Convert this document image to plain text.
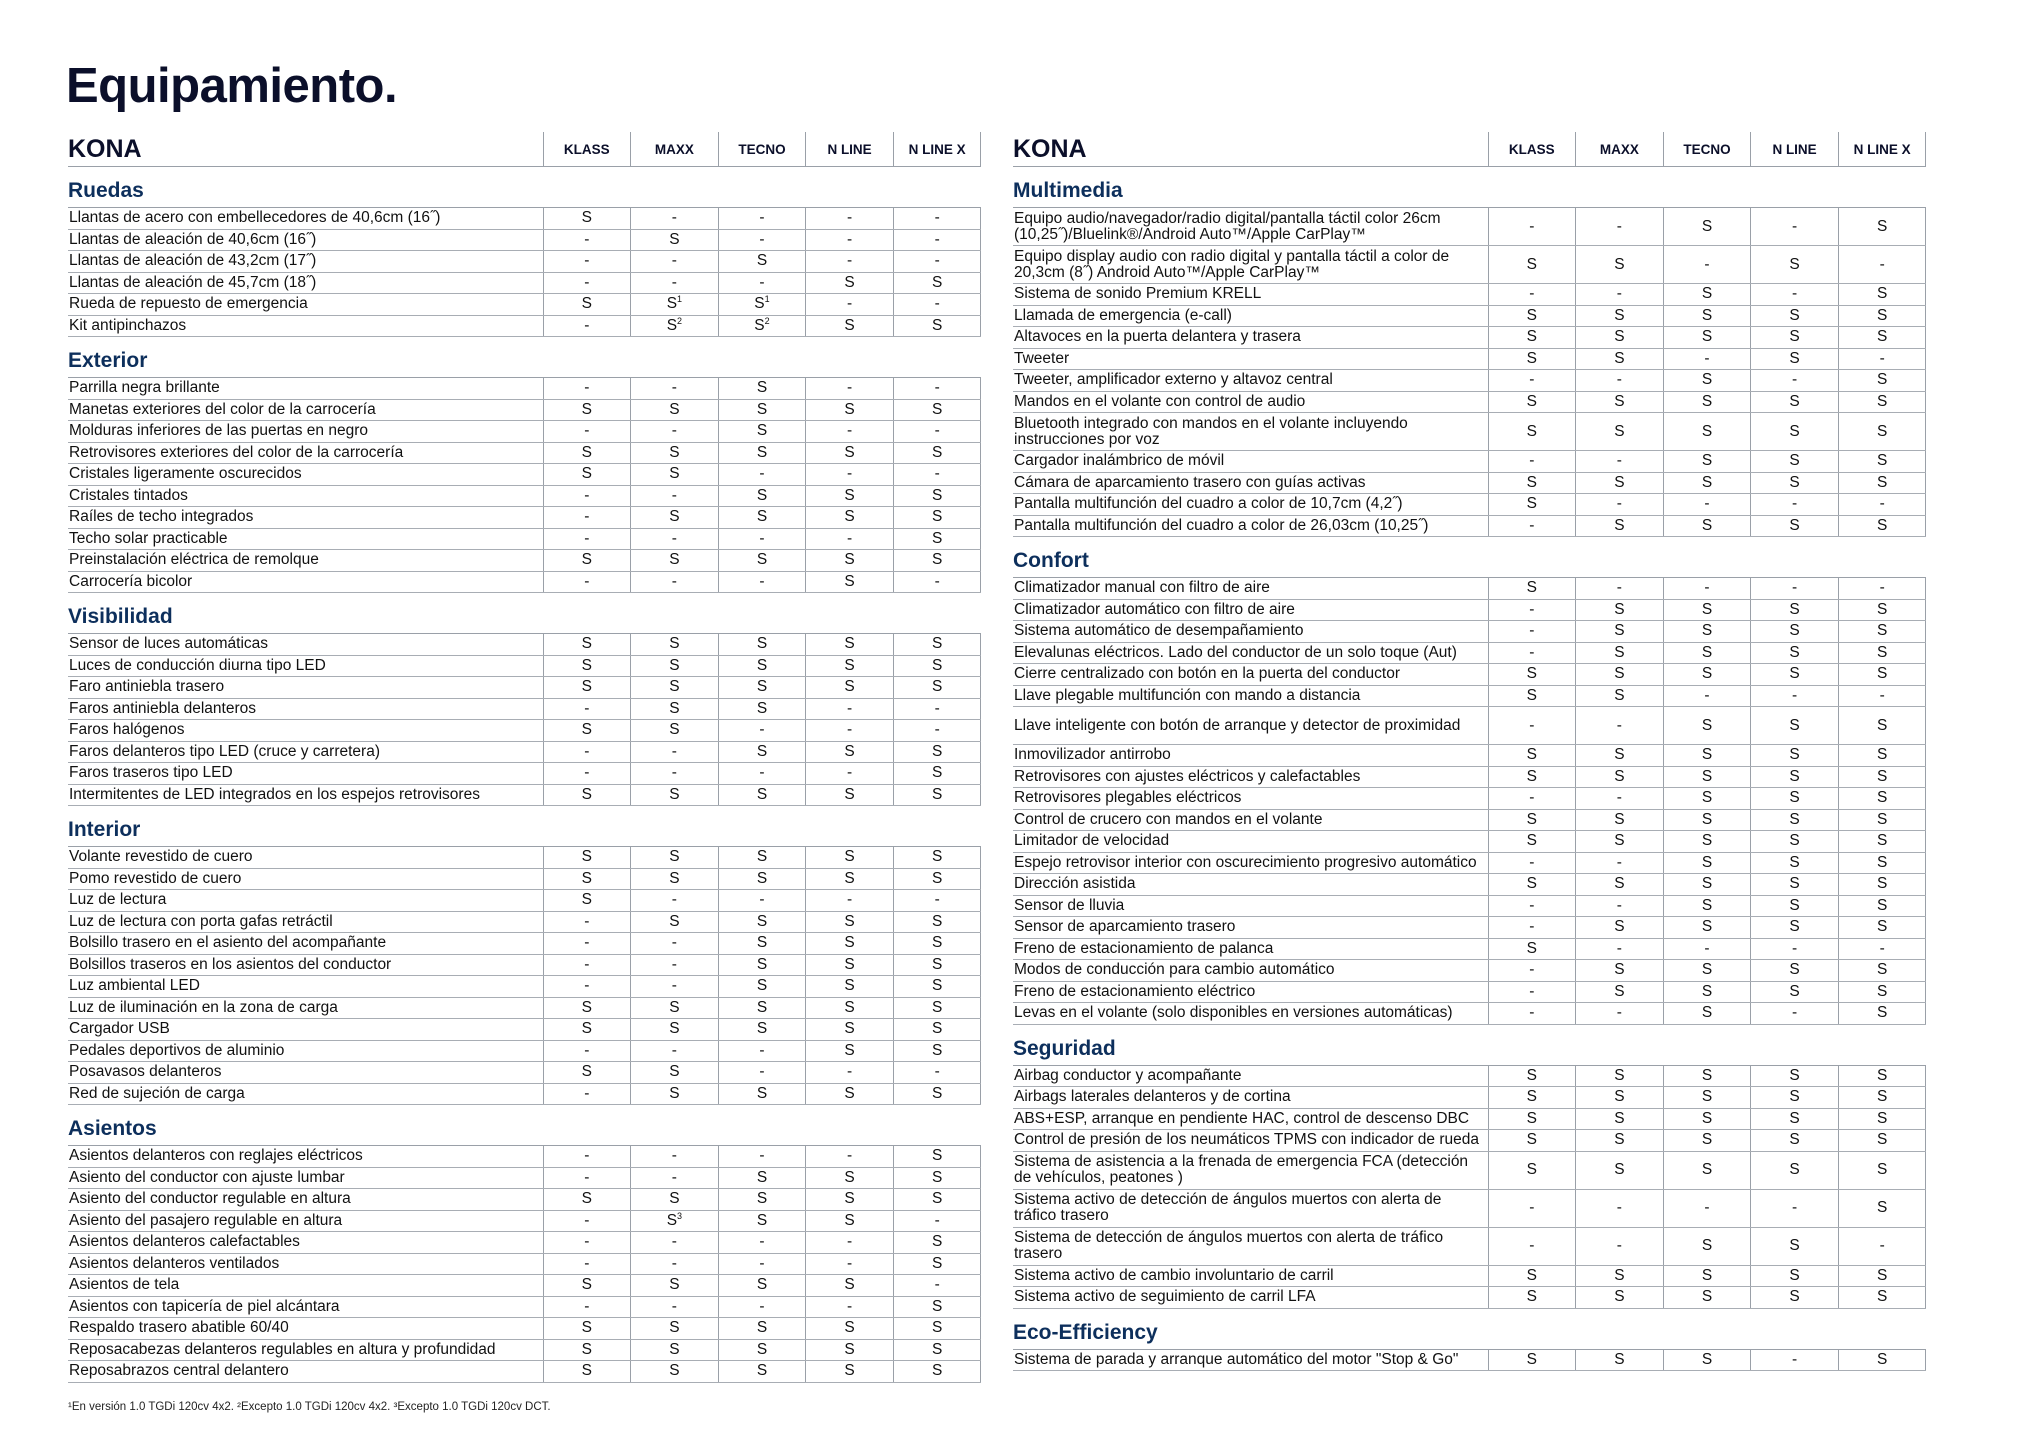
Equipamiento.
KONA	KLASS	MAXX	TECNO	N LINE	N LINE X
Ruedas					
Llantas de acero con embellecedores de 40,6cm (16˝)	S	-	-	-	-
Llantas de aleación de 40,6cm (16˝)	-	S	-	-	-
Llantas de aleación de 43,2cm (17˝)	-	-	S	-	-
Llantas de aleación de 45,7cm (18˝)	-	-	-	S	S
Rueda de repuesto de emergencia	S	$S^1$	$S^1$	-	-
Kit antipinchazos	-	$S^2$	$S^2$	S	S
Exterior					
Parrilla negra brillante	-	-	S	-	-
Manetas exteriores del color de la carrocería	S	S	S	S	S
Molduras inferiores de las puertas en negro	-	-	S	-	-
Retrovisores exteriores del color de la carrocería	S	S	S	S	S
Cristales ligeramente oscurecidos	S	S	-	-	-
Cristales tintados	-	-	S	S	S
Raíles de techo integrados	-	S	S	S	S
Techo solar practicable	-	-	-	-	S
Preinstalación eléctrica de remolque	S	S	S	S	S
Carrocería bicolor	-	-	-	S	-
Visibilidad					
Sensor de luces automáticas	S	S	S	S	S
Luces de conducción diurna tipo LED	S	S	S	S	S
Faro antiniebla trasero	S	S	S	S	S
Faros antiniebla delanteros	-	S	S	-	-
Faros halógenos	S	S	-	-	-
Faros delanteros tipo LED (cruce y carretera)	-	-	S	S	S
Faros traseros tipo LED	-	-	-	-	S
Intermitentes de LED integrados en los espejos retrovisores	S	S	S	S	S
Interior					
Volante revestido de cuero	S	S	S	S	S
Pomo revestido de cuero	S	S	S	S	S
Luz de lectura	S	-	-	-	-
Luz de lectura con porta gafas retráctil	-	S	S	S	S
Bolsillo trasero en el asiento del acompañante	-	-	S	S	S
Bolsillos traseros en los asientos del conductor	-	-	S	S	S
Luz ambiental LED	-	-	S	S	S
Luz de iluminación en la zona de carga	S	S	S	S	S
Cargador USB	S	S	S	S	S
Pedales deportivos de aluminio	-	-	-	S	S
Posavasos delanteros	S	S	-	-	-
Red de sujeción de carga	-	S	S	S	S
Asientos					
Asientos delanteros con reglajes eléctricos	-	-	-	-	S
Asiento del conductor con ajuste lumbar	-	-	S	S	S
Asiento del conductor regulable en altura	S	S	S	S	S
Asiento del pasajero regulable en altura	-	$S^3$	S	S	-
Asientos delanteros calefactables	-	-	-	-	S
Asientos delanteros ventilados	-	-	-	-	S
Asientos de tela	S	S	S	S	-
Asientos con tapicería de piel alcántara	-	-	-	-	S
Respaldo trasero abatible 60/40	S	S	S	S	S
Reposacabezas delanteros regulables en altura y profundidad	S	S	S	S	S
Reposabrazos central delantero	S	S	S	S	S
KONA	KLASS	MAXX	TECNO	N LINE	N LINE X
Multimedia					
Equipo audio/navegador/radio digital/pantalla táctil color 26cm (10,25˝)/Bluelink®/Android Auto™/Apple CarPlay™	-	-	S	-	S
Equipo display audio con radio digital y pantalla táctil a color de 20,3cm (8˝) Android Auto™/Apple CarPlay™	S	S	-	S	-
Sistema de sonido Premium KRELL	-	-	S	-	S
Llamada de emergencia (e-call)	S	S	S	S	S
Altavoces en la puerta delantera y trasera	S	S	S	S	S
Tweeter	S	S	-	S	-
Tweeter, amplificador externo y altavoz central	-	-	S	-	S
Mandos en el volante con control de audio	S	S	S	S	S
Bluetooth integrado con mandos en el volante incluyendo instrucciones por voz	S	S	S	S	S
Cargador inalámbrico de móvil	-	-	S	S	S
Cámara de aparcamiento trasero con guías activas	S	S	S	S	S
Pantalla multifunción del cuadro a color de 10,7cm (4,2˝)	S	-	-	-	-
Pantalla multifunción del cuadro a color de 26,03cm (10,25˝)	-	S	S	S	S
Confort					
Climatizador manual con filtro de aire	S	-	-	-	-
Climatizador automático con filtro de aire	-	S	S	S	S
Sistema automático de desempañamiento	-	S	S	S	S
Elevalunas eléctricos. Lado del conductor de un solo toque (Aut)	-	S	S	S	S
Cierre centralizado con botón en la puerta del conductor	S	S	S	S	S
Llave plegable multifunción con mando a distancia	S	S	-	-	-
Llave inteligente con botón de arranque y detector de proximidad	-	-	S	S	S
Inmovilizador antirrobo	S	S	S	S	S
Retrovisores con ajustes eléctricos y calefactables	S	S	S	S	S
Retrovisores plegables eléctricos	-	-	S	S	S
Control de crucero con mandos en el volante	S	S	S	S	S
Limitador de velocidad	S	S	S	S	S
Espejo retrovisor interior con oscurecimiento progresivo automático	-	-	S	S	S
Dirección asistida	S	S	S	S	S
Sensor de lluvia	-	-	S	S	S
Sensor de aparcamiento trasero	-	S	S	S	S
Freno de estacionamiento de palanca	S	-	-	-	-
Modos de conducción para cambio automático	-	S	S	S	S
Freno de estacionamiento eléctrico	-	S	S	S	S
Levas en el volante (solo disponibles en versiones automáticas)	-	-	S	-	S
Seguridad					
Airbag conductor y acompañante	S	S	S	S	S
Airbags laterales delanteros y de cortina	S	S	S	S	S
ABS+ESP, arranque en pendiente HAC, control de descenso DBC	S	S	S	S	S
Control de presión de los neumáticos TPMS con indicador de rueda	S	S	S	S	S
Sistema de asistencia a la frenada de emergencia FCA (detección de vehículos, peatones )	S	S	S	S	S
Sistema activo de detección de ángulos muertos con alerta de tráfico trasero	-	-	-	-	S
Sistema de detección de ángulos muertos con alerta de tráfico trasero	-	-	S	S	-
Sistema activo de cambio involuntario de carril	S	S	S	S	S
Sistema activo de seguimiento de carril LFA	S	S	S	S	S
Eco-Efficiency					
Sistema de parada y arranque automático del motor "Stop & Go"	S	S	S	-	S
¹En versión 1.0 TGDi 120cv 4x2. ²Excepto 1.0 TGDi 120cv 4x2. ³Excepto 1.0 TGDi 120cv DCT.
